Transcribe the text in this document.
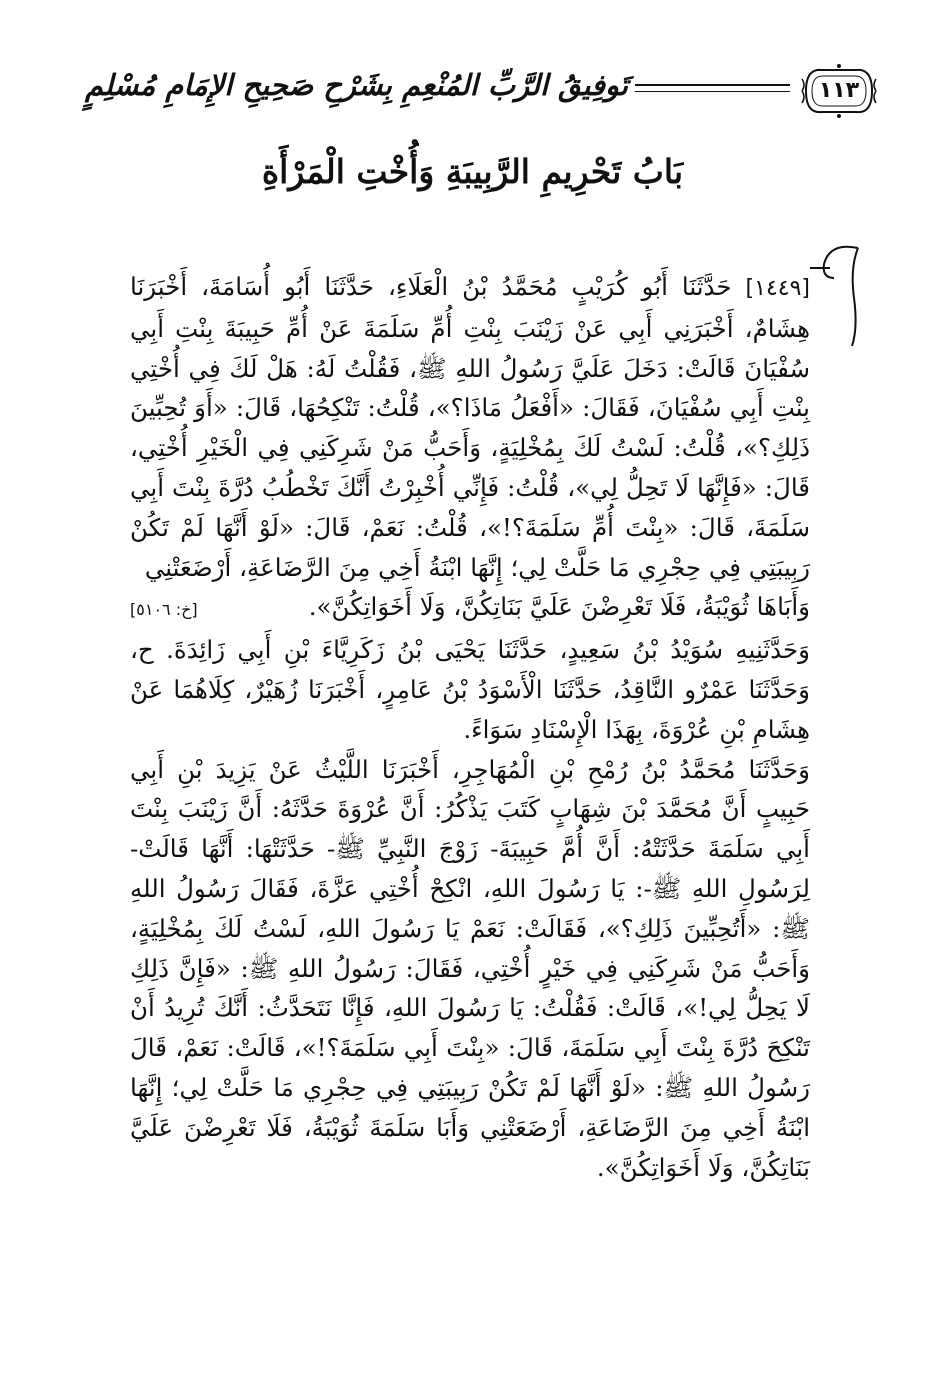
١١٣
تَوفِيقُ الرَّبِّ المُنْعِمِ بِشَرْحِ صَحِيحِ الإِمَامِ مُسْلِمٍ
بَابُ تَحْرِيمِ الرَّبِيبَةِ وَأُخْتِ الْمَرْأَةِ

[١٤٤٩] حَدَّثَنَا أَبُو كُرَيْبٍ مُحَمَّدُ بْنُ الْعَلَاءِ، حَدَّثَنَا أَبُو أُسَامَةَ، أَخْبَرَنَا هِشَامٌ، أَخْبَرَنِي أَبِي عَنْ زَيْنَبَ بِنْتِ أُمِّ سَلَمَةَ عَنْ أُمِّ حَبِيبَةَ بِنْتِ أَبِي سُفْيَانَ قَالَتْ: دَخَلَ عَلَيَّ رَسُولُ اللهِ ﷺ، فَقُلْتُ لَهُ: هَلْ لَكَ فِي أُخْتِي بِنْتِ أَبِي سُفْيَانَ، فَقَالَ: «أَفْعَلُ مَاذَا؟»، قُلْتُ: تَنْكِحُهَا، قَالَ: «أَوَ تُحِبِّينَ ذَلِكِ؟»، قُلْتُ: لَسْتُ لَكَ بِمُخْلِيَةٍ، وَأَحَبُّ مَنْ شَرِكَنِي فِي الْخَيْرِ أُخْتِي، قَالَ: «فَإِنَّهَا لَا تَحِلُّ لِي»، قُلْتُ: فَإِنِّي أُخْبِرْتُ أَنَّكَ تَخْطُبُ دُرَّةَ بِنْتَ أَبِي سَلَمَةَ، قَالَ: «بِنْتَ أُمِّ سَلَمَةَ؟!»، قُلْتُ: نَعَمْ، قَالَ: «لَوْ أَنَّهَا لَمْ تَكُنْ رَبِيبَتِي فِي حِجْرِي مَا حَلَّتْ لِي؛ إِنَّهَا ابْنَةُ أَخِي مِنَ الرَّضَاعَةِ، أَرْضَعَتْنِي

وَأَبَاهَا ثُوَيْبَةُ، فَلَا تَعْرِضْنَ عَلَيَّ بَنَاتِكُنَّ، وَلَا أَخَوَاتِكُنَّ».
[خ: ٥١٠٦]

وَحَدَّثَنِيهِ سُوَيْدُ بْنُ سَعِيدٍ، حَدَّثَنَا يَحْيَى بْنُ زَكَرِيَّاءَ بْنِ أَبِي زَائِدَةَ. ح، وَحَدَّثَنَا عَمْرٌو النَّاقِدُ، حَدَّثَنَا الْأَسْوَدُ بْنُ عَامِرٍ، أَخْبَرَنَا زُهَيْرٌ، كِلَاهُمَا عَنْ هِشَامِ بْنِ عُرْوَةَ، بِهَذَا الْإِسْنَادِ سَوَاءً.

وَحَدَّثَنَا مُحَمَّدُ بْنُ رُمْحِ بْنِ الْمُهَاجِرِ، أَخْبَرَنَا اللَّيْثُ عَنْ يَزِيدَ بْنِ أَبِي حَبِيبٍ أَنَّ مُحَمَّدَ بْنَ شِهَابٍ كَتَبَ يَذْكُرُ: أَنَّ عُرْوَةَ حَدَّثَهُ: أَنَّ زَيْنَبَ بِنْتَ أَبِي سَلَمَةَ حَدَّثَتْهُ: أَنَّ أُمَّ حَبِيبَةَ- زَوْجَ النَّبِيِّ ﷺ- حَدَّثَتْهَا: أَنَّهَا قَالَتْ- لِرَسُولِ اللهِ ﷺ-: يَا رَسُولَ اللهِ، انْكِحْ أُخْتِي عَزَّةَ، فَقَالَ رَسُولُ اللهِ ﷺ: «أَتُحِبِّينَ ذَلِكِ؟»، فَقَالَتْ: نَعَمْ يَا رَسُولَ اللهِ، لَسْتُ لَكَ بِمُخْلِيَةٍ، وَأَحَبُّ مَنْ شَرِكَنِي فِي خَيْرٍ أُخْتِي، فَقَالَ: رَسُولُ اللهِ ﷺ: «فَإِنَّ ذَلِكِ لَا يَحِلُّ لِي!»، قَالَتْ: فَقُلْتُ: يَا رَسُولَ اللهِ، فَإِنَّا نَتَحَدَّثُ: أَنَّكَ تُرِيدُ أَنْ تَنْكِحَ دُرَّةَ بِنْتَ أَبِي سَلَمَةَ، قَالَ: «بِنْتَ أَبِي سَلَمَةَ؟!»، قَالَتْ: نَعَمْ، قَالَ رَسُولُ اللهِ ﷺ: «لَوْ أَنَّهَا لَمْ تَكُنْ رَبِيبَتِي فِي حِجْرِي مَا حَلَّتْ لِي؛ إِنَّهَا ابْنَةُ أَخِي مِنَ الرَّضَاعَةِ، أَرْضَعَتْنِي وَأَبَا سَلَمَةَ ثُوَيْبَةُ، فَلَا تَعْرِضْنَ عَلَيَّ بَنَاتِكُنَّ، وَلَا أَخَوَاتِكُنَّ».
